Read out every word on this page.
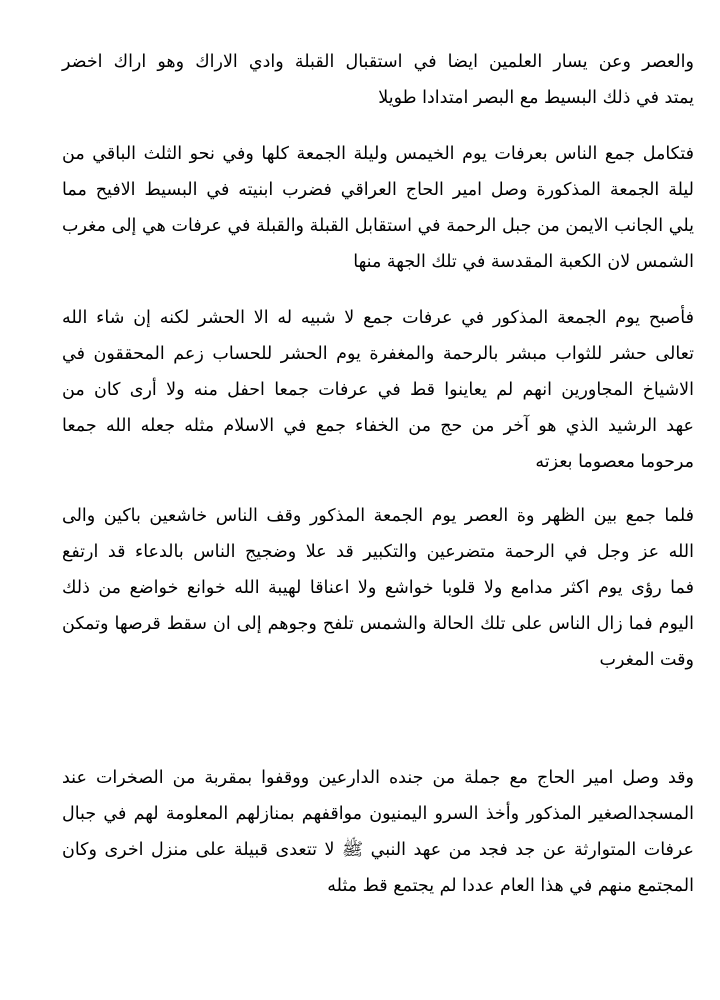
والعصر وعن يسار العلمين ايضا في استقبال القبلة وادي الاراك وهو اراك اخضر
يمتد في ذلك البسيط مع البصر امتدادا طويلا
فتكامل جمع الناس بعرفات يوم الخيمس وليلة الجمعة كلها وفي نحو الثلث الباقي من
ليلة الجمعة المذكورة وصل امير الحاج العراقي فضرب ابنيته في البسيط الافيح مما
يلي الجانب الايمن من جبل الرحمة في استقابل القبلة والقبلة في عرفات هي إلى مغرب
الشمس لان الكعبة المقدسة في تلك الجهة منها
فأصبح يوم الجمعة المذكور في عرفات جمع لا شبيه له الا الحشر لكنه إن شاء الله
تعالى حشر للثواب مبشر بالرحمة والمغفرة يوم الحشر للحساب زعم المحققون في
الاشياخ المجاورين انهم لم يعاينوا قط في عرفات جمعا احفل منه ولا أرى كان من
عهد الرشيد الذي هو آخر من حج من الخفاء جمع في الاسلام مثله جعله الله جمعا
مرحوما معصوما بعزته
فلما جمع بين الظهر وة العصر يوم الجمعة المذكور وقف الناس خاشعين باكين والى
الله عز وجل في الرحمة متضرعين والتكبير قد علا وضجيج الناس بالدعاء قد ارتفع
فما رؤى يوم اكثر مدامع ولا قلوبا خواشع ولا اعناقا لهيبة الله خوانع خواضع من ذلك
اليوم فما زال الناس على تلك الحالة والشمس تلفح وجوهم إلى ان سقط قرصها وتمكن
وقت المغرب
وقد وصل امير الحاج مع جملة من جنده الدارعين ووقفوا بمقربة من الصخرات عند
المسجدالصغير المذكور وأخذ السرو اليمنيون مواقفهم بمنازلهم المعلومة لهم في جبال
عرفات المتوارثة عن جد فجد من عهد النبي ﷺ لا تتعدى قبيلة على منزل اخرى وكان
المجتمع منهم في هذا العام عددا لم يجتمع قط مثله
